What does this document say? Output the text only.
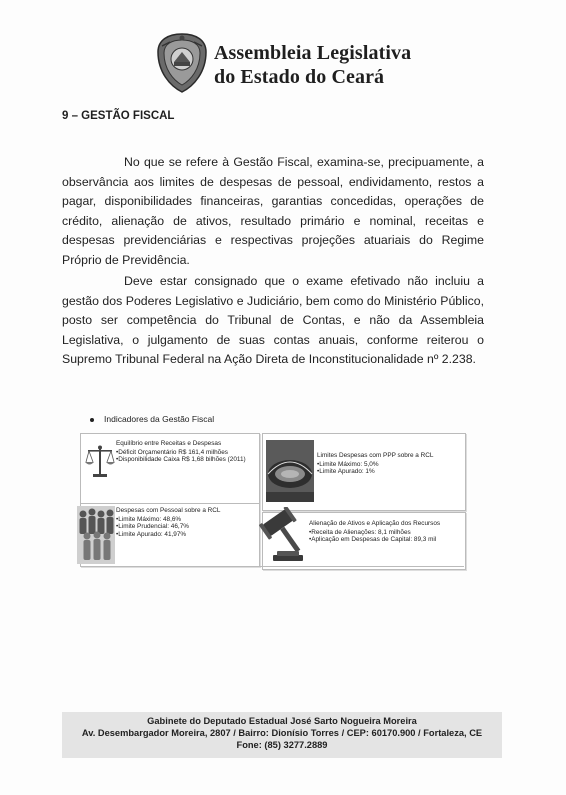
Assembleia Legislativa
do Estado do Ceará
9 – GESTÃO FISCAL
No que se refere à Gestão Fiscal, examina-se, precipuamente, a observância aos limites de despesas de pessoal, endividamento, restos a pagar, disponibilidades financeiras, garantias concedidas, operações de crédito, alienação de ativos, resultado primário e nominal, receitas e despesas previdenciárias e respectivas projeções atuariais do Regime Próprio de Previdência.
Deve estar consignado que o exame efetivado não incluiu a gestão dos Poderes Legislativo e Judiciário, bem como do Ministério Público, posto ser competência do Tribunal de Contas, e não da Assembleia Legislativa, o julgamento de suas contas anuais, conforme reiterou o Supremo Tribunal Federal na Ação Direta de Inconstitucionalidade nº 2.238.
Indicadores da Gestão Fiscal
Equilíbrio entre Receitas e Despesas
•Déficit Orçamentário R$ 161,4 milhões
•Disponibilidade Caixa R$ 1,68 bilhões (2011)
Limites Despesas com PPP sobre a RCL
•Limite Máximo: 5,0%
•Limite Apurado: 1%
Despesas com Pessoal sobre a RCL
•Limite Máximo: 48,6%
•Limite Prudencial: 46,7%
•Limite Apurado: 41,97%
Alienação de Ativos e Aplicação dos Recursos
•Receita de Alienações: 8,1 milhões
•Aplicação em Despesas de Capital: 89,3 mil
Gabinete do Deputado Estadual José Sarto Nogueira Moreira
Av. Desembargador Moreira, 2807 / Bairro: Dionísio Torres / CEP: 60170.900 / Fortaleza, CE
Fone: (85) 3277.2889
